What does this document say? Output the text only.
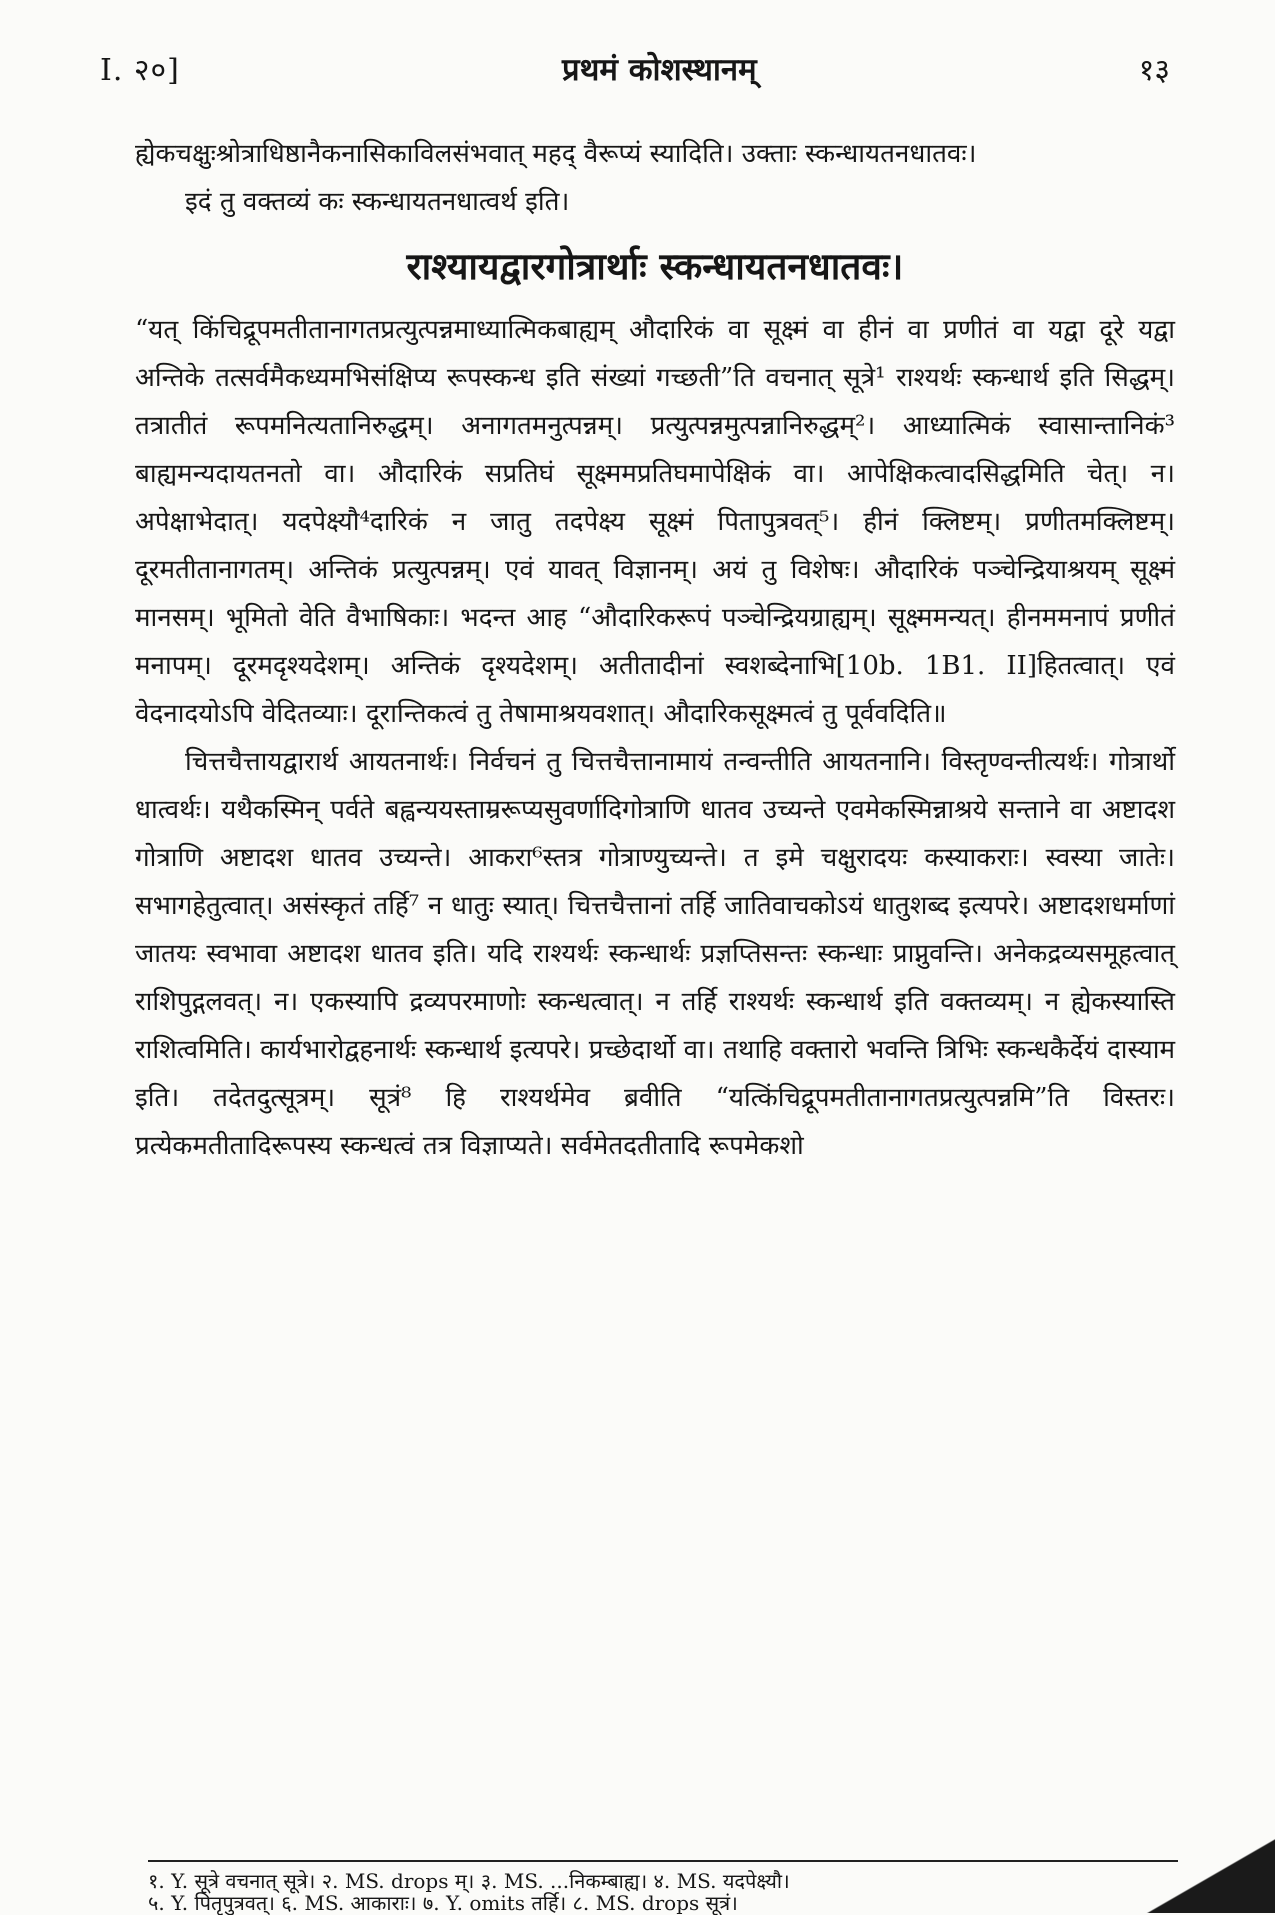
I. २०]	प्रथमं कोशस्थानम्	१३

ह्येकचक्षुःश्रोत्राधिष्ठानैकनासिकाविलसंभवात् महद् वैरूप्यं स्यादिति। उक्ताः स्कन्धायतनधातवः।

इदं तु वक्तव्यं कः स्कन्धायतनधात्वर्थ इति।

राश्यायद्वारगोत्रार्थाः स्कन्धायतनधातवः।

“यत् किंचिद्रूपमतीतानागतप्रत्युत्पन्नमाध्यात्मिकबाह्यम् औदारिकं वा सूक्ष्मं वा हीनं वा प्रणीतं वा यद्वा दूरे यद्वा अन्तिके तत्सर्वमैकध्यमभिसंक्षिप्य रूपस्कन्ध इति संख्यां गच्छती”ति वचनात् सूत्रे¹ राश्यर्थः स्कन्धार्थ इति सिद्धम्। तत्रातीतं रूपमनित्यतानिरुद्धम्। अनागतमनुत्पन्नम्। प्रत्युत्पन्नमुत्पन्नानिरुद्धम्²। आध्यात्मिकं स्वासान्तानिकं³ बाह्यमन्यदायतनतो वा। औदारिकं सप्रतिघं सूक्ष्ममप्रतिघमापेक्षिकं वा। आपेक्षिकत्वादसिद्धमिति चेत्। न। अपेक्षाभेदात्। यदपेक्ष्यौ⁴दारिकं न जातु तदपेक्ष्य सूक्ष्मं पितापुत्रवत्⁵। हीनं क्लिष्टम्। प्रणीतमक्लिष्टम्। दूरमतीतानागतम्। अन्तिकं प्रत्युत्पन्नम्। एवं यावत् विज्ञानम्। अयं तु विशेषः। औदारिकं पञ्चेन्द्रियाश्रयम् सूक्ष्मं मानसम्। भूमितो वेति वैभाषिकाः। भदन्त आह “औदारिकरूपं पञ्चेन्द्रियग्राह्यम्। सूक्ष्ममन्यत्। हीनममनापं प्रणीतं मनापम्। दूरमदृश्यदेशम्। अन्तिकं दृश्यदेशम्। अतीतादीनां स्वशब्देनाभि[10b. 1B1. II]हितत्वात्। एवं वेदनादयोऽपि वेदितव्याः। दूरान्तिकत्वं तु तेषामाश्रयवशात्। औदारिकसूक्ष्मत्वं तु पूर्ववदिति॥

चित्तचैत्तायद्वारार्थ आयतनार्थः। निर्वचनं तु चित्तचैत्तानामायं तन्वन्तीति आयतनानि। विस्तृण्वन्तीत्यर्थः। गोत्रार्थो धात्वर्थः। यथैकस्मिन् पर्वते बह्वन्ययस्ताम्ररूप्यसुवर्णादिगोत्राणि धातव उच्यन्ते एवमेकस्मिन्नाश्रये सन्ताने वा अष्टादश गोत्राणि अष्टादश धातव उच्यन्ते। आकरा⁶स्तत्र गोत्राण्युच्यन्ते। त इमे चक्षुरादयः कस्याकराः। स्वस्या जातेः। सभागहेतुत्वात्। असंस्कृतं तर्हि⁷ न धातुः स्यात्। चित्तचैत्तानां तर्हि जातिवाचकोऽयं धातुशब्द इत्यपरे। अष्टादशधर्माणां जातयः स्वभावा अष्टादश धातव इति। यदि राश्यर्थः स्कन्धार्थः प्रज्ञप्तिसन्तः स्कन्धाः प्राप्नुवन्ति। अनेकद्रव्यसमूहत्वात् राशिपुद्गलवत्। न। एकस्यापि द्रव्यपरमाणोः स्कन्धत्वात्। न तर्हि राश्यर्थः स्कन्धार्थ इति वक्तव्यम्। न ह्येकस्यास्ति राशित्वमिति। कार्यभारोद्वहनार्थः स्कन्धार्थ इत्यपरे। प्रच्छेदार्थो वा। तथाहि वक्तारो भवन्ति त्रिभिः स्कन्धकैर्देयं दास्याम इति। तदेतदुत्सूत्रम्। सूत्रं⁸ हि राश्यर्थमेव ब्रवीति “यत्किंचिद्रूपमतीतानागतप्रत्युत्पन्नमि”ति विस्तरः। प्रत्येकमतीतादिरूपस्य स्कन्धत्वं तत्र विज्ञाप्यते। सर्वमेतदतीतादि रूपमेकशो

१. Y. सूत्रे वचनात् सूत्रे। २. MS. drops म्। ३. MS. ...निकम्बाह्य। ४. MS. यदपेक्ष्यौ।

५. Y. पितृपुत्रवत्। ६. MS. आकाराः। ७. Y. omits तर्हि। ८. MS. drops सूत्रं।
